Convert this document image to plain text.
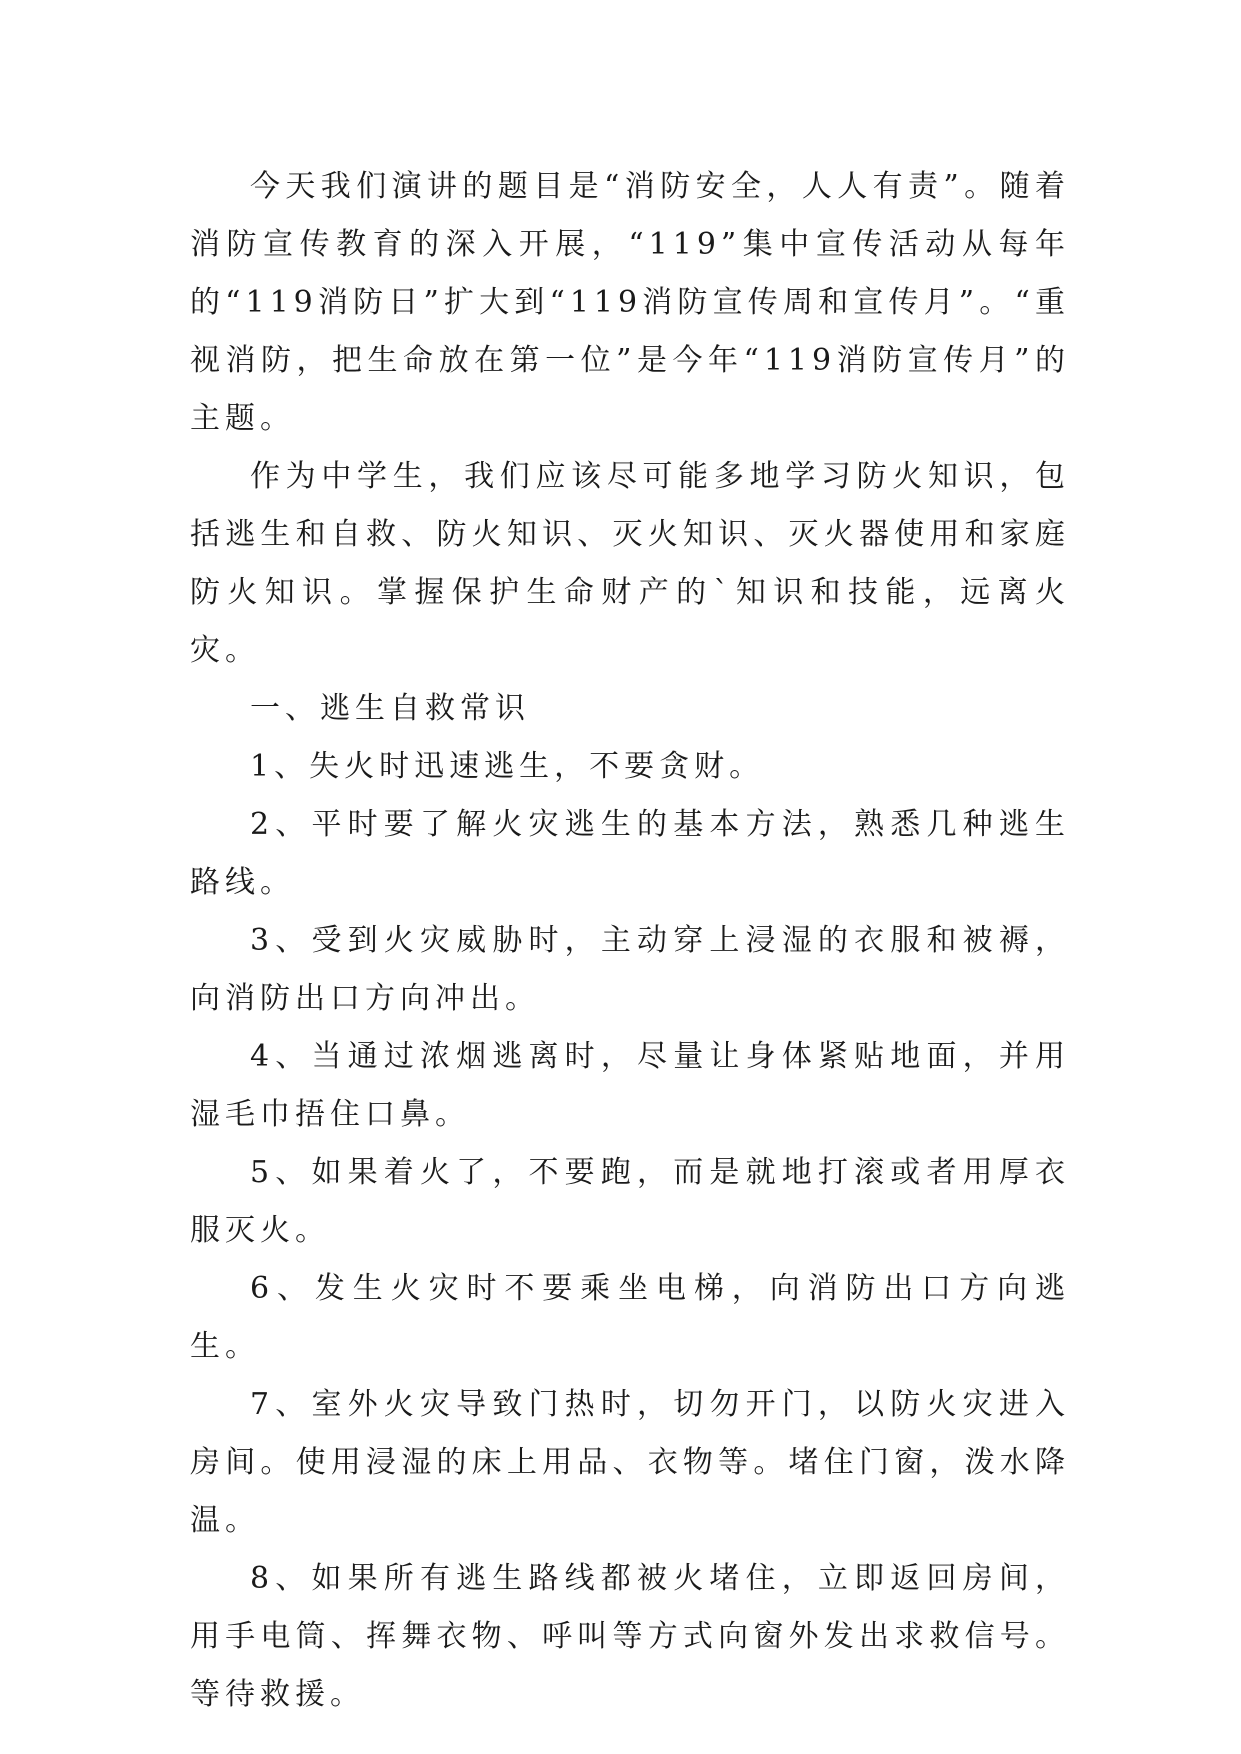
今天我们演讲的题目是“消防安全，人人有责”。随着消防宣传教育的深入开展，“119”集中宣传活动从每年的“119消防日”扩大到“119消防宣传周和宣传月”。“重视消防，把生命放在第一位”是今年“119消防宣传月”的主题。

作为中学生，我们应该尽可能多地学习防火知识，包括逃生和自救、防火知识、灭火知识、灭火器使用和家庭防火知识。掌握保护生命财产的`知识和技能，远离火灾。

一、逃生自救常识

1、失火时迅速逃生，不要贪财。

2、平时要了解火灾逃生的基本方法，熟悉几种逃生路线。

3、受到火灾威胁时，主动穿上浸湿的衣服和被褥，向消防出口方向冲出。

4、当通过浓烟逃离时，尽量让身体紧贴地面，并用湿毛巾捂住口鼻。

5、如果着火了，不要跑，而是就地打滚或者用厚衣服灭火。

6、发生火灾时不要乘坐电梯，向消防出口方向逃生。

7、室外火灾导致门热时，切勿开门，以防火灾进入房间。使用浸湿的床上用品、衣物等。堵住门窗，泼水降温。

8、如果所有逃生路线都被火堵住，立即返回房间，用手电筒、挥舞衣物、呼叫等方式向窗外发出求救信号。等待救援。
